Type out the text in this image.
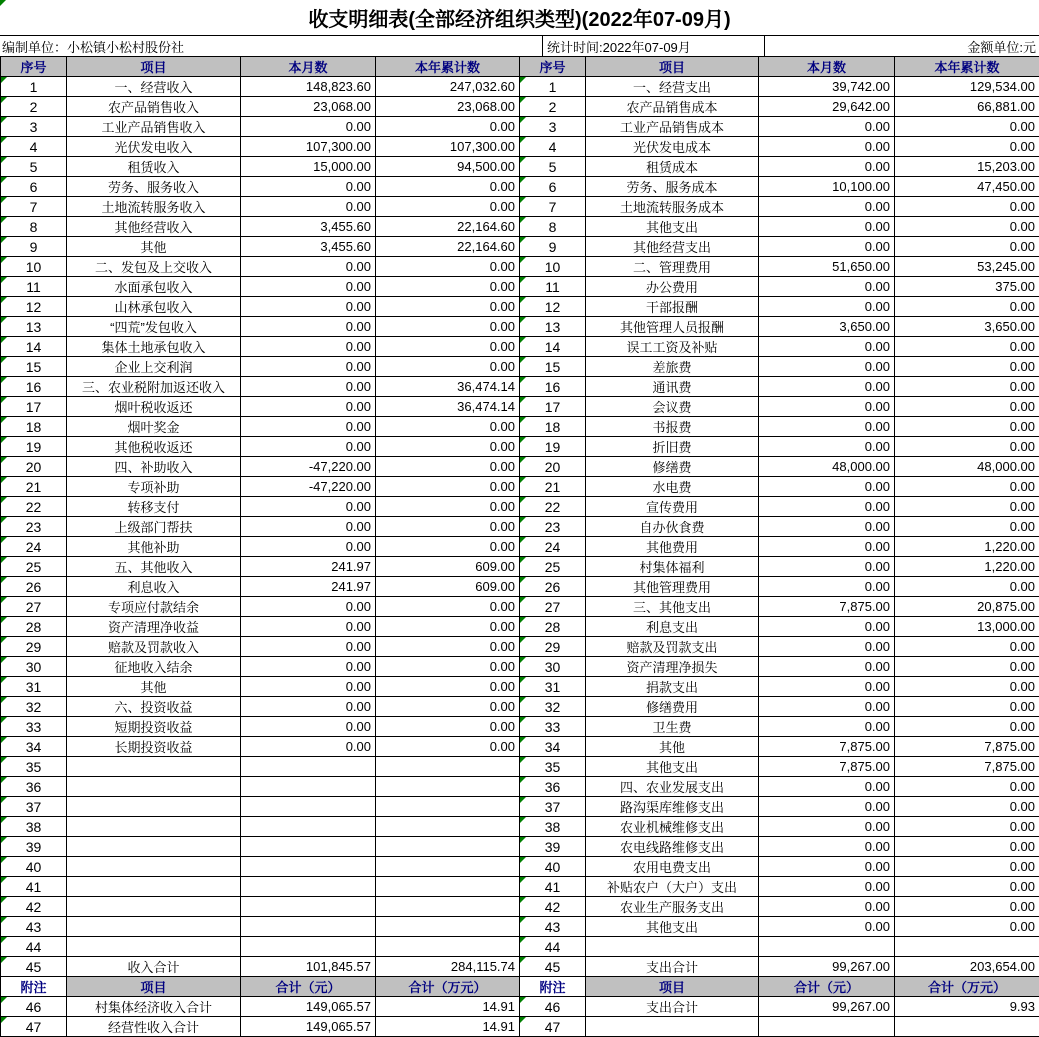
收支明细表(全部经济组织类型)(2022年07-09月)
编制单位：小松镇小松村股份社	统计时间:2022年07-09月	金额单位:元
序号	项目	本月数	本年累计数	序号	项目	本月数	本年累计数

1	一、经营收入	148,823.60	247,032.60	1	一、经营支出	39,742.00	129,534.00

2	农产品销售收入	23,068.00	23,068.00	2	农产品销售成本	29,642.00	66,881.00

3	工业产品销售收入	0.00	0.00	3	工业产品销售成本	0.00	0.00

4	光伏发电收入	107,300.00	107,300.00	4	光伏发电成本	0.00	0.00

5	租赁收入	15,000.00	94,500.00	5	租赁成本	0.00	15,203.00

6	劳务、服务收入	0.00	0.00	6	劳务、服务成本	10,100.00	47,450.00

7	土地流转服务收入	0.00	0.00	7	土地流转服务成本	0.00	0.00

8	其他经营收入	3,455.60	22,164.60	8	其他支出	0.00	0.00

9	其他	3,455.60	22,164.60	9	其他经营支出	0.00	0.00

10	二、发包及上交收入	0.00	0.00	10	二、管理费用	51,650.00	53,245.00

11	水面承包收入	0.00	0.00	11	办公费用	0.00	375.00

12	山林承包收入	0.00	0.00	12	干部报酬	0.00	0.00

13	“四荒”发包收入	0.00	0.00	13	其他管理人员报酬	3,650.00	3,650.00

14	集体土地承包收入	0.00	0.00	14	误工工资及补贴	0.00	0.00

15	企业上交利润	0.00	0.00	15	差旅费	0.00	0.00

16	三、农业税附加返还收入	0.00	36,474.14	16	通讯费	0.00	0.00

17	烟叶税收返还	0.00	36,474.14	17	会议费	0.00	0.00

18	烟叶奖金	0.00	0.00	18	书报费	0.00	0.00

19	其他税收返还	0.00	0.00	19	折旧费	0.00	0.00

20	四、补助收入	-47,220.00	0.00	20	修缮费	48,000.00	48,000.00

21	专项补助	-47,220.00	0.00	21	水电费	0.00	0.00

22	转移支付	0.00	0.00	22	宣传费用	0.00	0.00

23	上级部门帮扶	0.00	0.00	23	自办伙食费	0.00	0.00

24	其他补助	0.00	0.00	24	其他费用	0.00	1,220.00

25	五、其他收入	241.97	609.00	25	村集体福利	0.00	1,220.00

26	利息收入	241.97	609.00	26	其他管理费用	0.00	0.00

27	专项应付款结余	0.00	0.00	27	三、其他支出	7,875.00	20,875.00

28	资产清理净收益	0.00	0.00	28	利息支出	0.00	13,000.00

29	赔款及罚款收入	0.00	0.00	29	赔款及罚款支出	0.00	0.00

30	征地收入结余	0.00	0.00	30	资产清理净损失	0.00	0.00

31	其他	0.00	0.00	31	捐款支出	0.00	0.00

32	六、投资收益	0.00	0.00	32	修缮费用	0.00	0.00

33	短期投资收益	0.00	0.00	33	卫生费	0.00	0.00

34	长期投资收益	0.00	0.00	34	其他	7,875.00	7,875.00

35				35	其他支出	7,875.00	7,875.00

36				36	四、农业发展支出	0.00	0.00

37				37	路沟渠库维修支出	0.00	0.00

38				38	农业机械维修支出	0.00	0.00

39				39	农电线路维修支出	0.00	0.00

40				40	农用电费支出	0.00	0.00

41				41	补贴农户（大户）支出	0.00	0.00

42				42	农业生产服务支出	0.00	0.00

43				43	其他支出	0.00	0.00

44				44			

45	收入合计	101,845.57	284,115.74	45	支出合计	99,267.00	203,654.00
附注	项目	合计（元）	合计（万元）	附注	项目	合计（元）	合计（万元）

46	村集体经济收入合计	149,065.57	14.91	46	支出合计	99,267.00	9.93

47	经营性收入合计	149,065.57	14.91	47			
